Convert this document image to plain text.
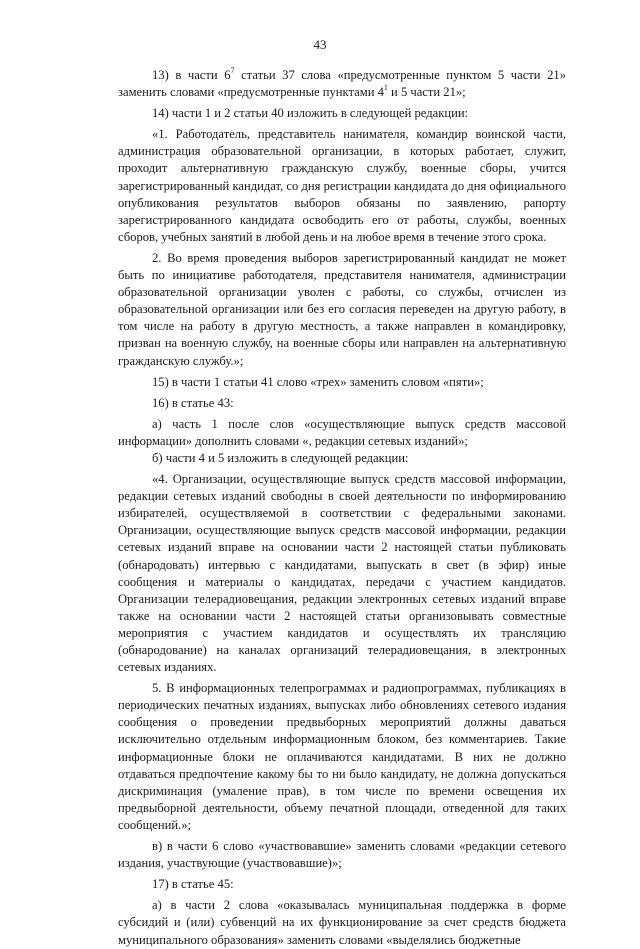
43

13) в части $6^7$ статьи 37 слова «предусмотренные пунктом 5 части 21» заменить словами «предусмотренные пунктами $4^1$ и 5 части 21»;

14) части 1 и 2 статьи 40 изложить в следующей редакции:

«1. Работодатель, представитель нанимателя, командир воинской части, администрация образовательной организации, в которых работает, служит, проходит альтернативную гражданскую службу, военные сборы, учится зарегистрированный кандидат, со дня регистрации кандидата до дня официального опубликования результатов выборов обязаны по заявлению, рапорту зарегистрированного кандидата освободить его от работы, службы, военных сборов, учебных занятий в любой день и на любое время в течение этого срока.

2. Во время проведения выборов зарегистрированный кандидат не может быть по инициативе работодателя, представителя нанимателя, администрации образовательной организации уволен с работы, со службы, отчислен из образовательной организации или без его согласия переведен на другую работу, в том числе на работу в другую местность, а также направлен в командировку, призван на военную службу, на военные сборы или направлен на альтернативную гражданскую службу.»;

15) в части 1 статьи 41 слово «трех» заменить словом «пяти»;

16) в статье 43:

а) часть 1 после слов «осуществляющие выпуск средств массовой информации» дополнить словами «, редакции сетевых изданий»;

б) части 4 и 5 изложить в следующей редакции:

«4. Организации, осуществляющие выпуск средств массовой информации, редакции сетевых изданий свободны в своей деятельности по информированию избирателей, осуществляемой в соответствии с федеральными законами. Организации, осуществляющие выпуск средств массовой информации, редакции сетевых изданий вправе на основании части 2 настоящей статьи публиковать (обнародовать) интервью с кандидатами, выпускать в свет (в эфир) иные сообщения и материалы о кандидатах, передачи с участием кандидатов. Организации телерадиовещания, редакции электронных сетевых изданий вправе также на основании части 2 настоящей статьи организовывать совместные мероприятия с участием кандидатов и осуществлять их трансляцию (обнародование) на каналах организаций телерадиовещания, в электронных сетевых изданиях.

5. В информационных телепрограммах и радиопрограммах, публикациях в периодических печатных изданиях, выпусках либо обновлениях сетевого издания сообщения о проведении предвыборных мероприятий должны даваться исключительно отдельным информационным блоком, без комментариев. Такие информационные блоки не оплачиваются кандидатами. В них не должно отдаваться предпочтение какому бы то ни было кандидату, не должна допускаться дискриминация (умаление прав), в том числе по времени освещения их предвыборной деятельности, объему печатной площади, отведенной для таких сообщений.»;

в) в части 6 слово «участвовавшие» заменить словами «редакции сетевого издания, участвующие (участвовавшие)»;

17) в статье 45:

а) в части 2 слова «оказывалась муниципальная поддержка в форме субсидий и (или) субвенций на их функционирование за счет средств бюджета муниципального образования» заменить словами «выделялись бюджетные
